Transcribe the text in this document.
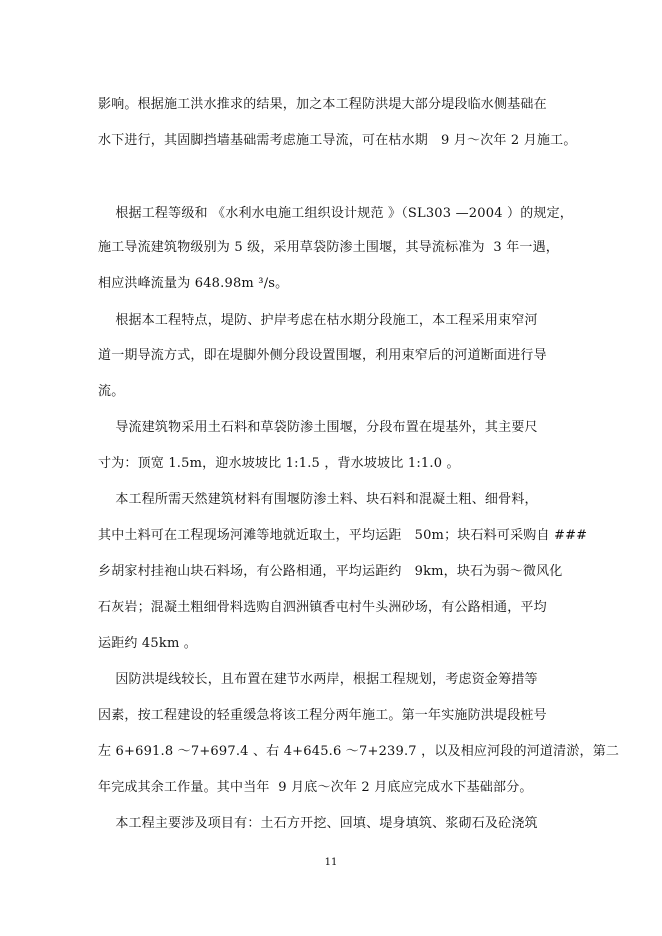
影响。根据施工洪水推求的结果，加之本工程防洪堤大部分堤段临水侧基础在
水下进行，其固脚挡墙基础需考虑施工导流，可在枯水期   9 月～次年 2 月施工。
根据工程等级和 《水利水电施工组织设计规范 》（SL303 —2004 ）的规定，
施工导流建筑物级别为 5 级，采用草袋防渗土围堰，其导流标准为  3 年一遇，
相应洪峰流量为 648.98m ³/s。
根据本工程特点，堤防、护岸考虑在枯水期分段施工，本工程采用束窄河
道一期导流方式，即在堤脚外侧分段设置围堰，利用束窄后的河道断面进行导
流。
导流建筑物采用土石料和草袋防渗土围堰，分段布置在堤基外，其主要尺
寸为：顶宽 1.5m，迎水坡坡比 1:1.5 ，背水坡坡比 1:1.0 。
本工程所需天然建筑材料有围堰防渗土料、块石料和混凝土粗、细骨料，
其中土料可在工程现场河滩等地就近取土，平均运距   50m；块石料可采购自 ###
乡胡家村挂袍山块石料场，有公路相通，平均运距约   9km，块石为弱～微风化
石灰岩；混凝土粗细骨料选购自泗洲镇香屯村牛头洲砂场，有公路相通，平均
运距约 45km 。
因防洪堤线较长，且布置在建节水两岸，根据工程规划，考虑资金筹措等
因素，按工程建设的轻重缓急将该工程分两年施工。第一年实施防洪堤段桩号
左 6+691.8 ～7+697.4 、右 4+645.6 ～7+239.7 ，以及相应河段的河道清淤，第二
年完成其余工作量。其中当年  9 月底～次年 2 月底应完成水下基础部分。
本工程主要涉及项目有：土石方开挖、回填、堤身填筑、浆砌石及砼浇筑
11
